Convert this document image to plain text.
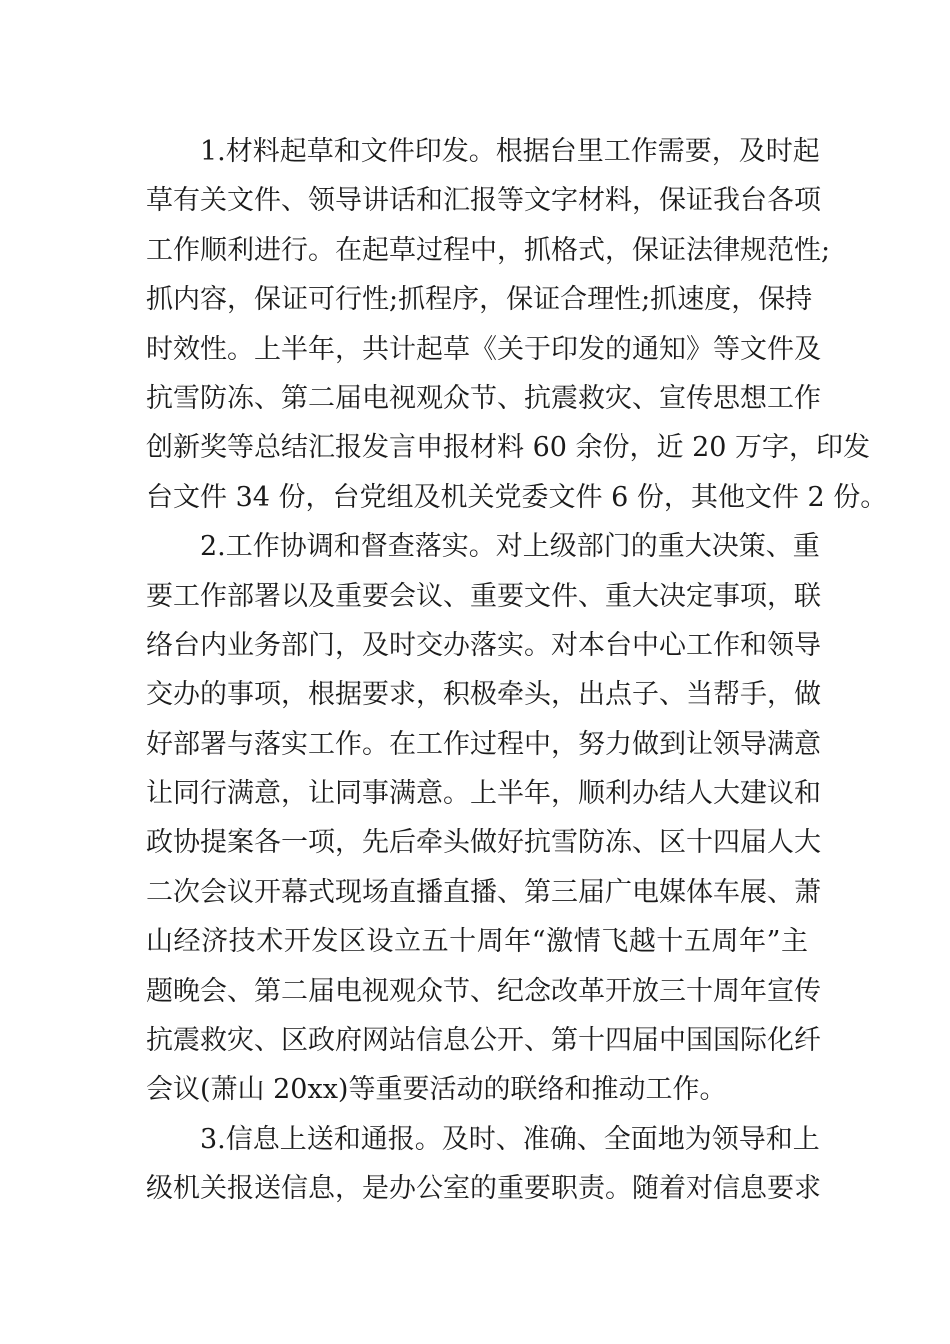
1.材料起草和文件印发。根据台里工作需要，及时起
草有关文件、领导讲话和汇报等文字材料，保证我台各项
工作顺利进行。在起草过程中，抓格式，保证法律规范性;
抓内容，保证可行性;抓程序，保证合理性;抓速度，保持
时效性。上半年，共计起草《关于印发的通知》等文件及
抗雪防冻、第二届电视观众节、抗震救灾、宣传思想工作
创新奖等总结汇报发言申报材料 60 余份，近 20 万字，印发
台文件 34 份，台党组及机关党委文件 6 份，其他文件 2 份。
2.工作协调和督查落实。对上级部门的重大决策、重
要工作部署以及重要会议、重要文件、重大决定事项，联
络台内业务部门，及时交办落实。对本台中心工作和领导
交办的事项，根据要求，积极牵头，出点子、当帮手，做
好部署与落实工作。在工作过程中，努力做到让领导满意
让同行满意，让同事满意。上半年，顺利办结人大建议和
政协提案各一项，先后牵头做好抗雪防冻、区十四届人大
二次会议开幕式现场直播直播、第三届广电媒体车展、萧
山经济技术开发区设立五十周年“激情飞越十五周年”主
题晚会、第二届电视观众节、纪念改革开放三十周年宣传
抗震救灾、区政府网站信息公开、第十四届中国国际化纤
会议(萧山 20xx)等重要活动的联络和推动工作。
3.信息上送和通报。及时、准确、全面地为领导和上
级机关报送信息，是办公室的重要职责。随着对信息要求
